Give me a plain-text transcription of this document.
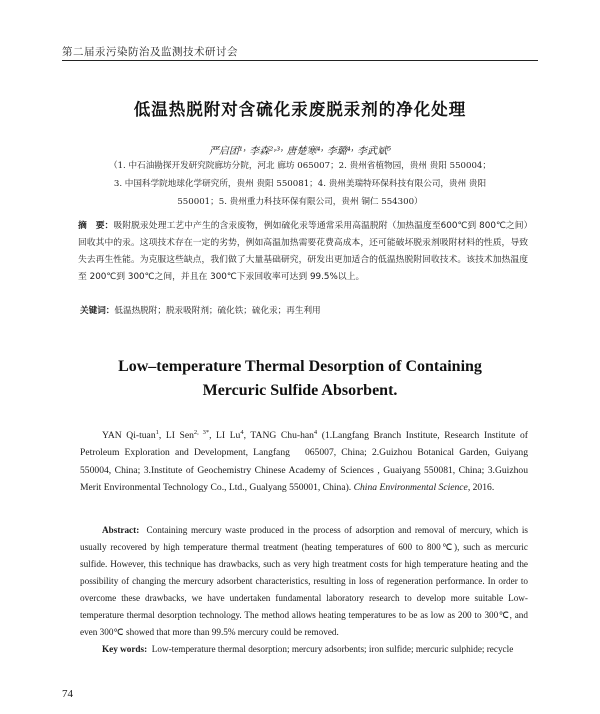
第二届汞污染防治及监测技术研讨会
低温热脱附对含硫化汞废脱汞剂的净化处理
严启团¹˒ 李森²˒³˒ 唐楚寒⁴˒ 李璐⁴˒ 李武斌⁵
（1. 中石油勘探开发研究院廊坊分院，河北 廊坊 065007；2. 贵州省植物园，贵州 贵阳 550004；
3. 中国科学院地球化学研究所，贵州 贵阳 550081；4. 贵州美瑞特环保科技有限公司，贵州 贵阳
550001；5. 贵州重力科技环保有限公司，贵州 铜仁 554300）
摘　要：吸附脱汞处理工艺中产生的含汞废物，例如硫化汞等通常采用高温脱附（加热温度至600℃到 800℃之间）回收其中的汞。这项技术存在一定的劣势，例如高温加热需要花费高成本，还可能破坏脱汞剂吸附材料的性质，导致失去再生性能。为克服这些缺点，我们做了大量基础研究，研发出更加适合的低温热脱附回收技术。该技术加热温度至 200℃到 300℃之间，并且在 300℃下汞回收率可达到 99.5%以上。
关键词：低温热脱附；脱汞吸附剂；硫化铁；硫化汞；再生利用
Low–temperature Thermal Desorption of Containing
Mercuric Sulfide Absorbent.
YAN Qi-tuan$^1$, LI Sen$^{2, 3*}$, LI Lu$^4$, TANG Chu-han$^4$ (1.Langfang Branch Institute, Research Institute of Petroleum Exploration and Development, Langfang　065007, China; 2.Guizhou Botanical Garden, Guiyang 550004, China; 3.Institute of Geochemistry Chinese Academy of Sciences , Guaiyang 550081, China; 3.Guizhou Merit Environmental Technology Co., Ltd., Gualyang 550001, China). China Environmental Science, 2016.
Abstract: Containing mercury waste produced in the process of adsorption and removal of mercury, which is usually recovered by high temperature thermal treatment (heating temperatures of 600 to 800℃), such as mercuric sulfide. However, this technique has drawbacks, such as very high treatment costs for high temperature heating and the possibility of changing the mercury adsorbent characteristics, resulting in loss of regeneration performance. In order to overcome these drawbacks, we have undertaken fundamental laboratory research to develop more suitable Low-temperature thermal desorption technology. The method allows heating temperatures to be as low as 200 to 300℃, and even 300℃ showed that more than 99.5% mercury could be removed.
Key words: Low-temperature thermal desorption; mercury adsorbents; iron sulfide; mercuric sulphide; recycle
74
